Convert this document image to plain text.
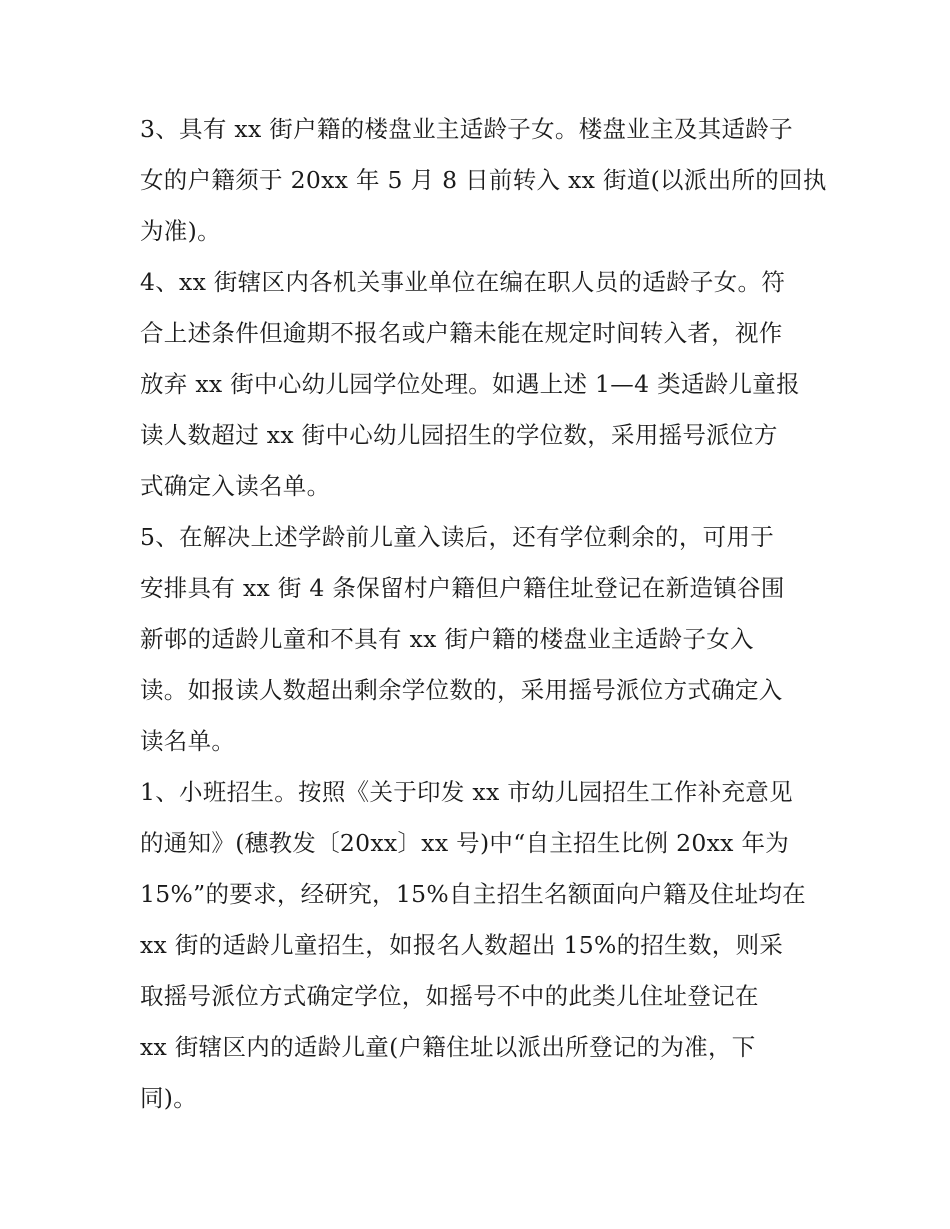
3、具有 xx 街户籍的楼盘业主适龄子女。楼盘业主及其适龄子
女的户籍须于 20xx 年 5 月 8 日前转入 xx 街道(以派出所的回执
为准)。
4、xx 街辖区内各机关事业单位在编在职人员的适龄子女。符
合上述条件但逾期不报名或户籍未能在规定时间转入者，视作
放弃 xx 街中心幼儿园学位处理。如遇上述 1—4 类适龄儿童报
读人数超过 xx 街中心幼儿园招生的学位数，采用摇号派位方
式确定入读名单。
5、在解决上述学龄前儿童入读后，还有学位剩余的，可用于
安排具有 xx 街 4 条保留村户籍但户籍住址登记在新造镇谷围
新邨的适龄儿童和不具有 xx 街户籍的楼盘业主适龄子女入
读。如报读人数超出剩余学位数的，采用摇号派位方式确定入
读名单。
1、小班招生。按照《关于印发 xx 市幼儿园招生工作补充意见
的通知》(穗教发〔20xx〕xx 号)中“自主招生比例 20xx 年为
15%”的要求，经研究，15%自主招生名额面向户籍及住址均在
xx 街的适龄儿童招生，如报名人数超出 15%的招生数，则采
取摇号派位方式确定学位，如摇号不中的此类儿住址登记在
xx 街辖区内的适龄儿童(户籍住址以派出所登记的为准，下
同)。
